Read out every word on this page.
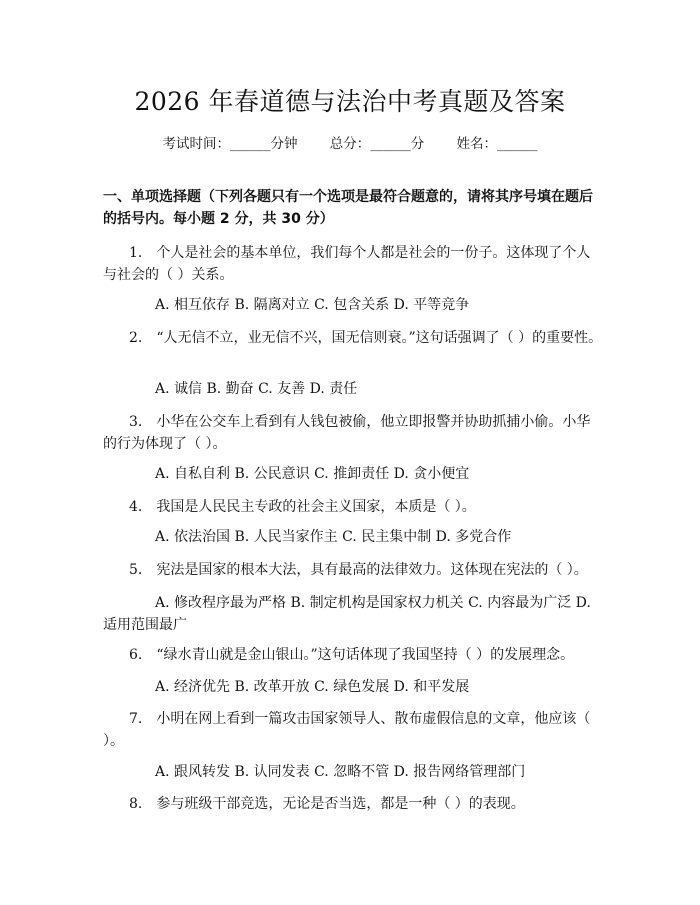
2026 年春道德与法治中考真题及答案
考试时间：______分钟 总分：______分 姓名：______
一、单项选择题（下列各题只有一个选项是最符合题意的，请将其序号填在题后的括号内。每小题 2 分，共 30 分）
1.　个人是社会的基本单位，我们每个人都是社会的一份子。这体现了个人与社会的（ ）关系。
A. 相互依存 B. 隔离对立 C. 包含关系 D. 平等竞争
2.　“人无信不立，业无信不兴，国无信则衰。”这句话强调了（ ）的重要性。
A. 诚信 B. 勤奋 C. 友善 D. 责任
3.　小华在公交车上看到有人钱包被偷，他立即报警并协助抓捕小偷。小华的行为体现了（ ）。
A. 自私自利 B. 公民意识 C. 推卸责任 D. 贪小便宜
4.　我国是人民民主专政的社会主义国家，本质是（ ）。
A. 依法治国 B. 人民当家作主 C. 民主集中制 D. 多党合作
5.　宪法是国家的根本大法，具有最高的法律效力。这体现在宪法的（ ）。
A. 修改程序最为严格 B. 制定机构是国家权力机关 C. 内容最为广泛 D. 适用范围最广
6.　“绿水青山就是金山银山。”这句话体现了我国坚持（ ）的发展理念。
A. 经济优先 B. 改革开放 C. 绿色发展 D. 和平发展
7.　小明在网上看到一篇攻击国家领导人、散布虚假信息的文章，他应该（ ）。
A. 跟风转发 B. 认同发表 C. 忽略不管 D. 报告网络管理部门
8.　参与班级干部竞选，无论是否当选，都是一种（ ）的表现。
